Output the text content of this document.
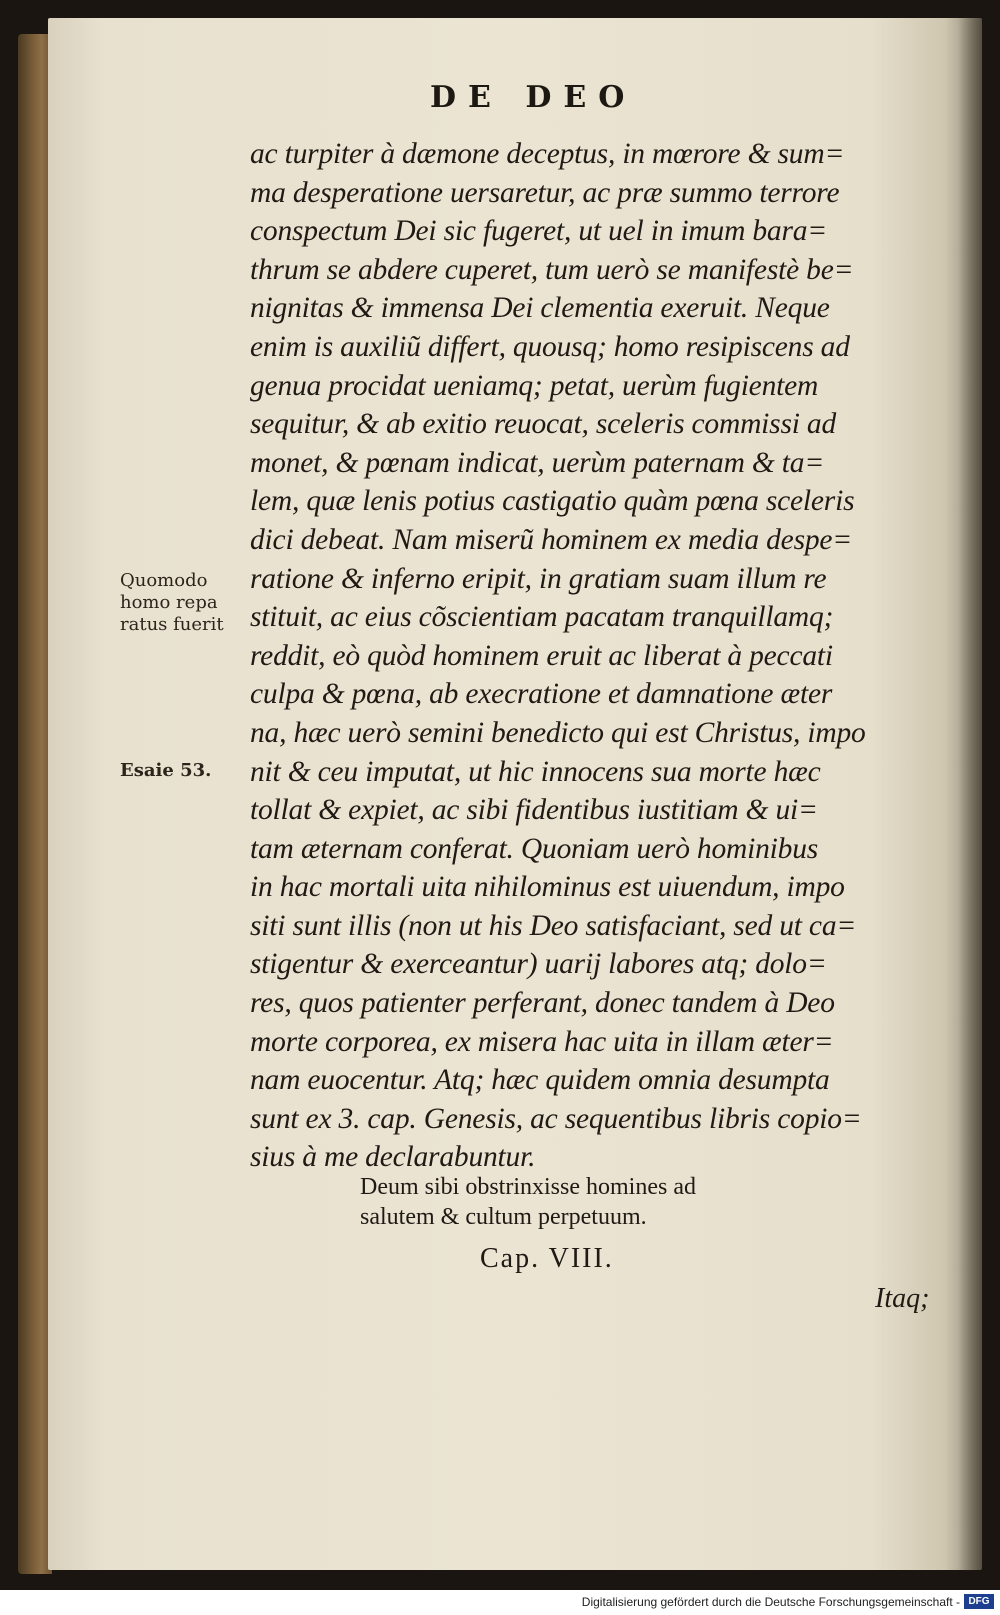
DE DEO
Quomodo
homo repa
ratus fuerit
Esaie 53.
ac turpiter à dæmone deceptus, in mœrore & sum=
ma desperatione uersaretur, ac præ summo terrore
conspectum Dei sic fugeret, ut uel in imum bara=
thrum se abdere cuperet, tum uerò se manifestè be=
nignitas & immensa Dei clementia exeruit. Neque
enim is auxiliũ differt, quousq; homo resipiscens ad
genua procidat ueniamq; petat, uerùm fugientem
sequitur, & ab exitio reuocat, sceleris commissi ad
monet, & pœnam indicat, uerùm paternam & ta=
lem, quæ lenis potius castigatio quàm pœna sceleris
dici debeat. Nam miserũ hominem ex media despe=
ratione & inferno eripit, in gratiam suam illum re
stituit, ac eius cõscientiam pacatam tranquillamq;
reddit, eò quòd hominem eruit ac liberat à peccati
culpa & pœna, ab execratione et damnatione æter
na, hæc uerò semini benedicto qui est Christus, impo
nit & ceu imputat, ut hic innocens sua morte hæc
tollat & expiet, ac sibi fidentibus iustitiam & ui=
tam æternam conferat. Quoniam uerò hominibus
in hac mortali uita nihilominus est uiuendum, impo
siti sunt illis (non ut his Deo satisfaciant, sed ut ca=
stigentur & exerceantur) uarij labores atq; dolo=
res, quos patienter perferant, donec tandem à Deo
morte corporea, ex misera hac uita in illam æter=
nam euocentur. Atq; hæc quidem omnia desumpta
sunt ex 3. cap. Genesis, ac sequentibus libris copio=
sius à me declarabuntur.
Deum sibi obstrinxisse homines ad
salutem & cultum perpetuum.
Cap. VIII.
Itaq;
Digitalisierung gefördert durch die Deutsche Forschungsgemeinschaft - DFG
